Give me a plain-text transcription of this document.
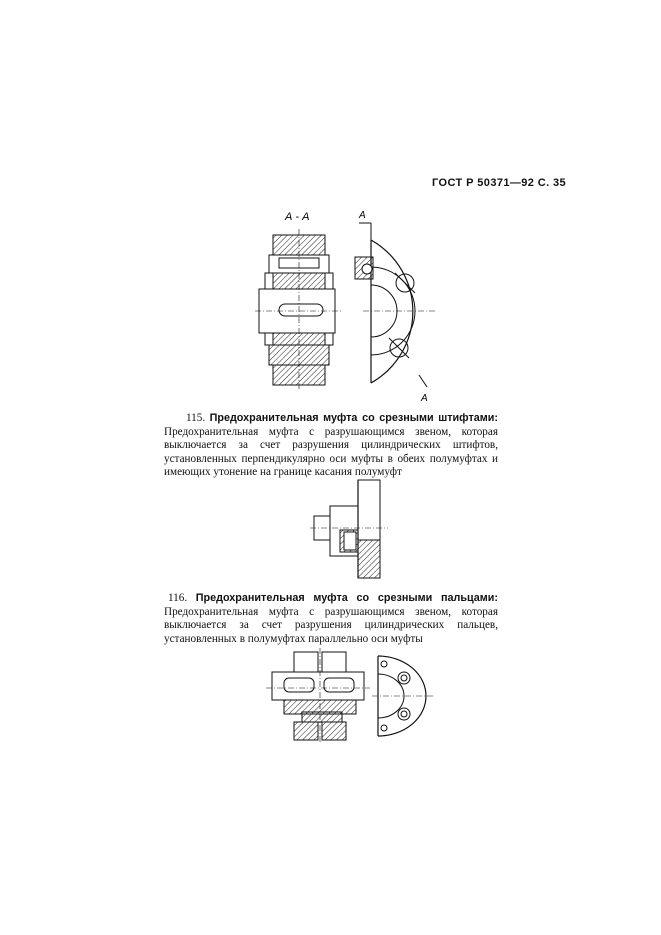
ГОСТ Р 50371—92 С. 35
А - А	А
А
115. Предохранительная муфта со срезными штифтами: Предохранительная муфта с разрушающимся звеном, которая выключается за счет разрушения цилиндрических штифтов, установленных перпендикулярно оси муфты в обеих полумуфтах и имеющих утонение на границе касания полумуфт
116. Предохранительная муфта со срезными пальцами: Предохранительная муфта с разрушающимся звеном, которая выключается за счет разрушения цилиндрических пальцев, установленных в полумуфтах параллельно оси муфты
